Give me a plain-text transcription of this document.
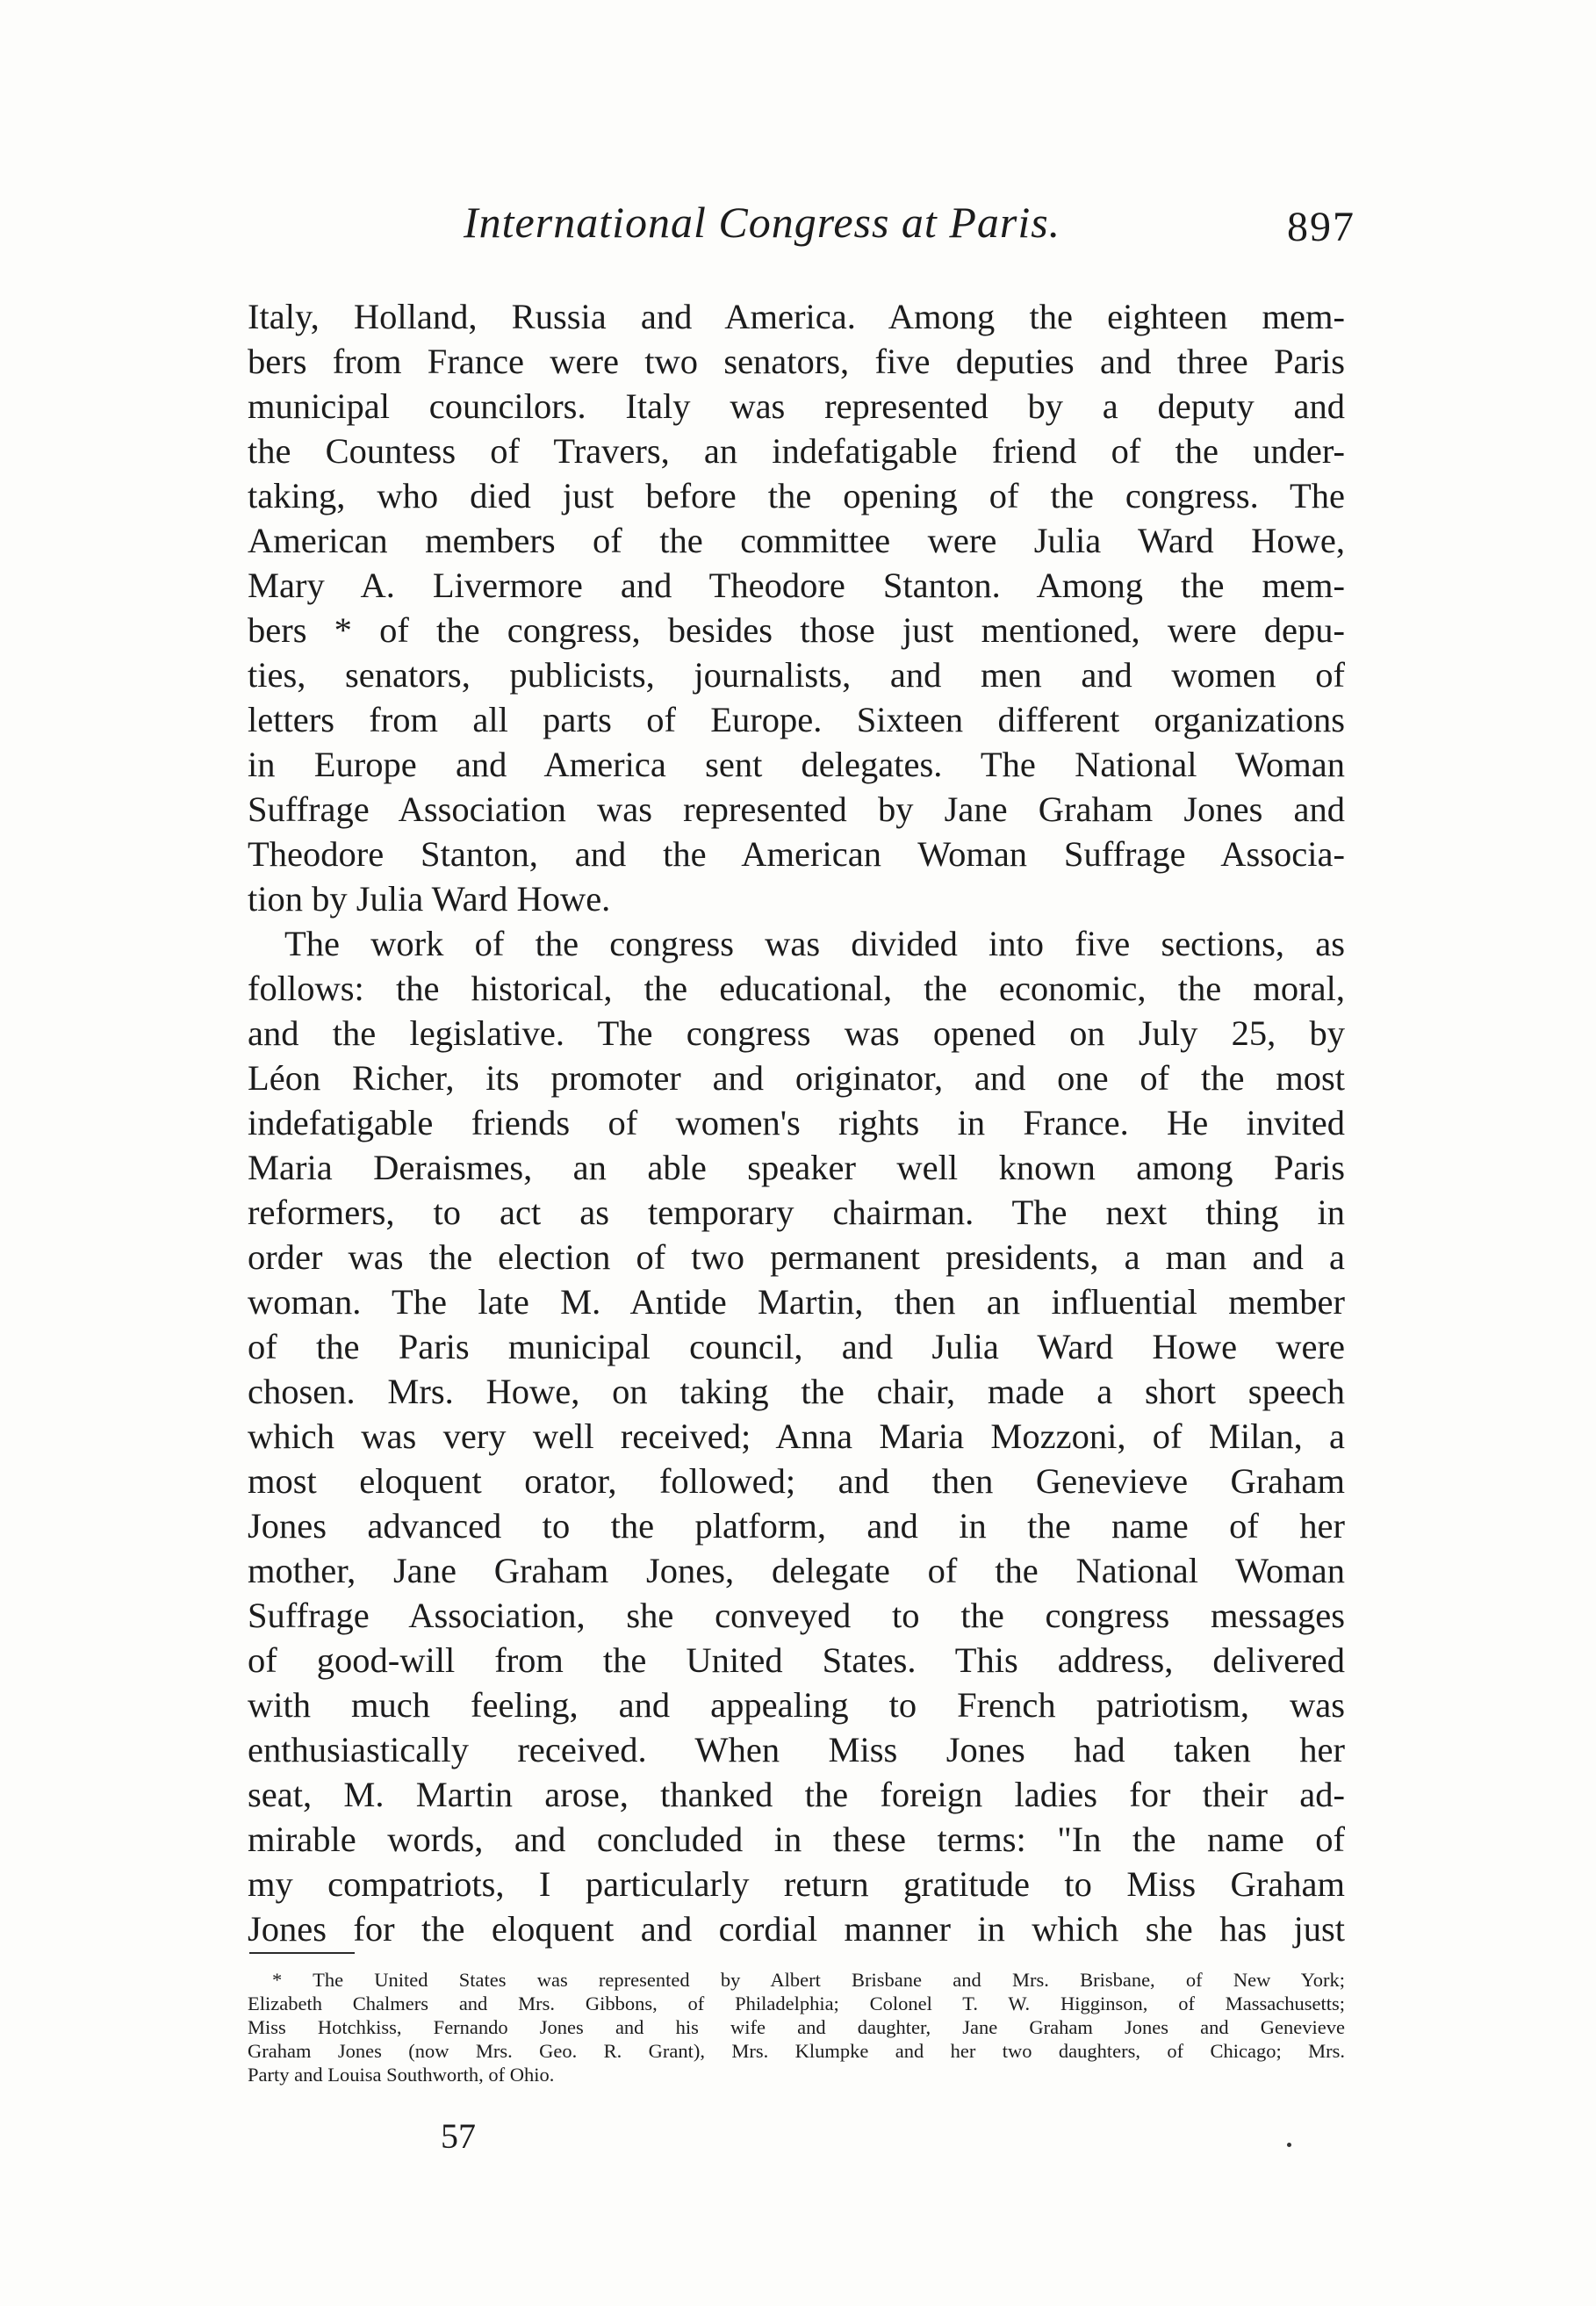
International Congress at Paris.	897
Italy, Holland, Russia and America. Among the eighteen mem-
bers from France were two senators, five deputies and three Paris
municipal councilors. Italy was represented by a deputy and
the Countess of Travers, an indefatigable friend of the under-
taking, who died just before the opening of the congress. The
American members of the committee were Julia Ward Howe,
Mary A. Livermore and Theodore Stanton. Among the mem-
bers * of the congress, besides those just mentioned, were depu-
ties, senators, publicists, journalists, and men and women of
letters from all parts of Europe. Sixteen different organizations
in Europe and America sent delegates. The National Woman
Suffrage Association was represented by Jane Graham Jones and
Theodore Stanton, and the American Woman Suffrage Associa-
tion by Julia Ward Howe.
The work of the congress was divided into five sections, as
follows: the historical, the educational, the economic, the moral,
and the legislative. The congress was opened on July 25, by
Léon Richer, its promoter and originator, and one of the most
indefatigable friends of women's rights in France. He invited
Maria Deraismes, an able speaker well known among Paris
reformers, to act as temporary chairman. The next thing in
order was the election of two permanent presidents, a man and a
woman. The late M. Antide Martin, then an influential member
of the Paris municipal council, and Julia Ward Howe were
chosen. Mrs. Howe, on taking the chair, made a short speech
which was very well received; Anna Maria Mozzoni, of Milan, a
most eloquent orator, followed; and then Genevieve Graham
Jones advanced to the platform, and in the name of her
mother, Jane Graham Jones, delegate of the National Woman
Suffrage Association, she conveyed to the congress messages
of good-will from the United States. This address, delivered
with much feeling, and appealing to French patriotism, was
enthusiastically received. When Miss Jones had taken her
seat, M. Martin arose, thanked the foreign ladies for their ad-
mirable words, and concluded in these terms: "In the name of
my compatriots, I particularly return gratitude to Miss Graham
Jones for the eloquent and cordial manner in which she has just
* The United States was represented by Albert Brisbane and Mrs. Brisbane, of New York;
Elizabeth Chalmers and Mrs. Gibbons, of Philadelphia; Colonel T. W. Higginson, of Massachusetts;
Miss Hotchkiss, Fernando Jones and his wife and daughter, Jane Graham Jones and Genevieve
Graham Jones (now Mrs. Geo. R. Grant), Mrs. Klumpke and her two daughters, of Chicago; Mrs.
Party and Louisa Southworth, of Ohio.
57
